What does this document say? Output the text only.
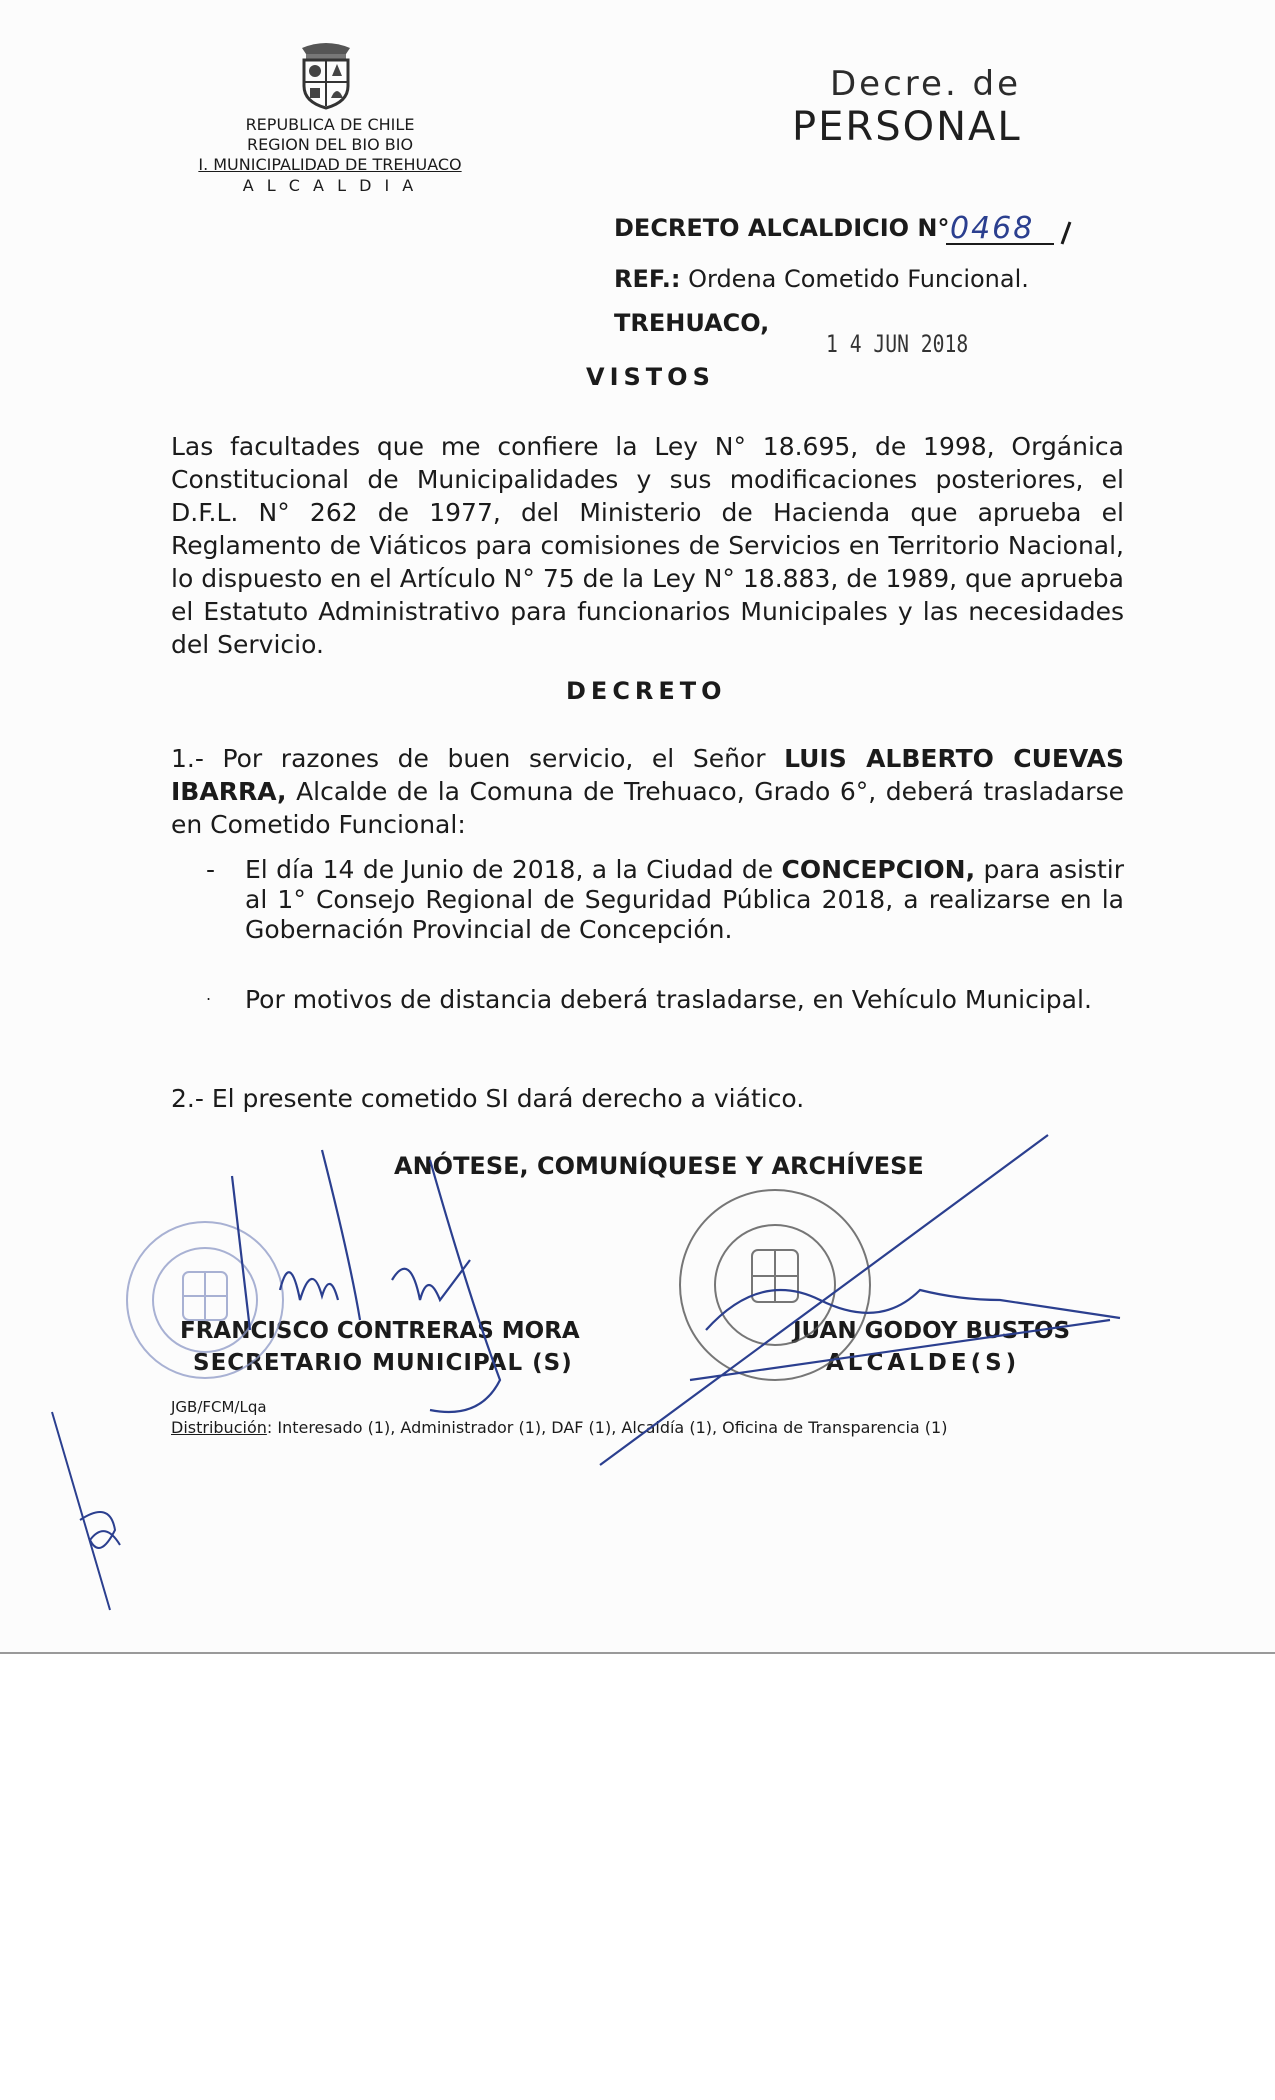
REPUBLICA DE CHILE
REGION DEL BIO BIO
I. MUNICIPALIDAD DE TREHUACO
A L C A L D I A
Decre. de
PERSONAL
DECRETO ALCALDICIO N° 0468
REF.: Ordena Cometido Funcional.
TREHUACO,
1 4 JUN 2018
VISTOS
Las facultades que me confiere la Ley N° 18.695, de 1998, Orgánica Constitucional de Municipalidades y sus modificaciones posteriores, el D.F.L. N° 262 de 1977, del Ministerio de Hacienda que aprueba el Reglamento de Viáticos para comisiones de Servicios en Territorio Nacional, lo dispuesto en el Artículo N° 75 de la Ley N° 18.883, de 1989, que aprueba el Estatuto Administrativo para funcionarios Municipales y las necesidades del Servicio.
DECRETO
1.- Por razones de buen servicio, el Señor LUIS ALBERTO CUEVAS IBARRA, Alcalde de la Comuna de Trehuaco, Grado 6°, deberá trasladarse en Cometido Funcional:
- El día 14 de Junio de 2018, a la Ciudad de CONCEPCION, para asistir al 1° Consejo Regional de Seguridad Pública 2018, a realizarse en la Gobernación Provincial de Concepción.
. Por motivos de distancia deberá trasladarse, en Vehículo Municipal.
2.- El presente cometido SI dará derecho a viático.
ANÓTESE, COMUNÍQUESE Y ARCHÍVESE
FRANCISCO CONTRERAS MORA
SECRETARIO MUNICIPAL (S)
JUAN GODOY BUSTOS
ALCALDE(S)
JGB/FCM/Lqa
Distribución: Interesado (1), Administrador (1), DAF (1), Alcaldía (1), Oficina de Transparencia (1)
